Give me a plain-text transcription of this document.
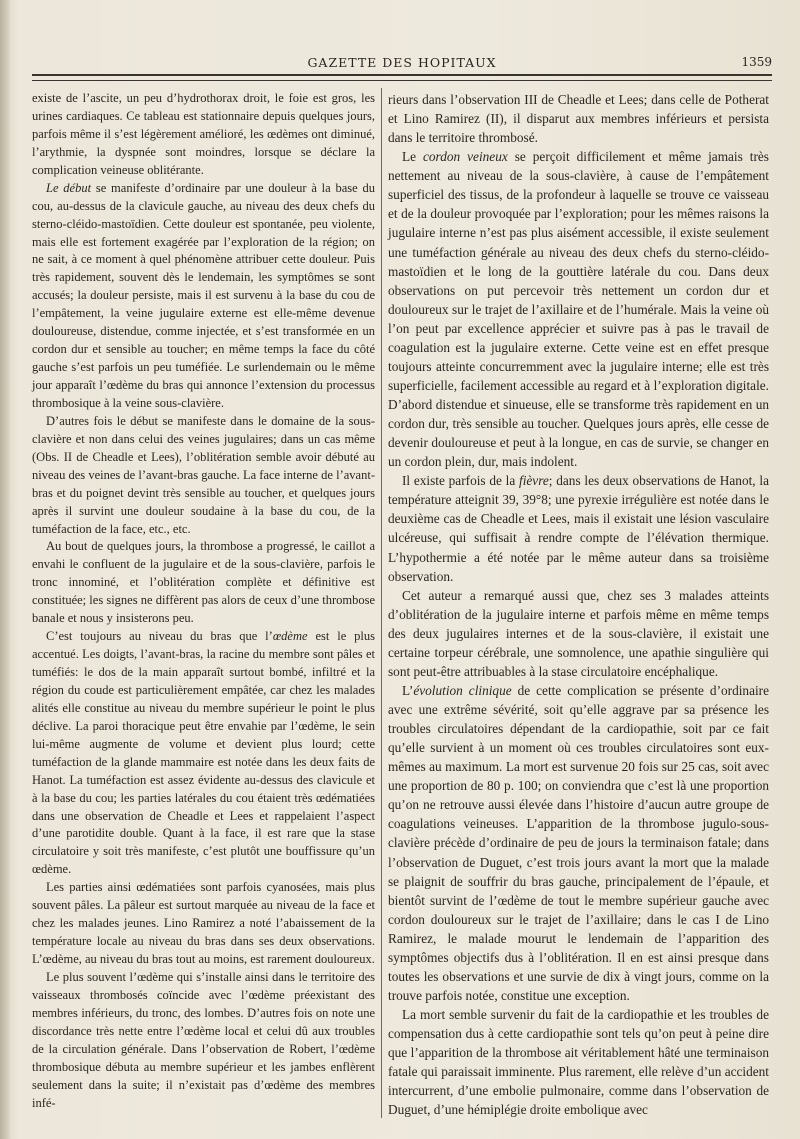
GAZETTE DES HOPITAUX	1359

existe de l’ascite, un peu d’hydrothorax droit, le foie est gros, les urines cardiaques. Ce tableau est stationnaire depuis quelques jours, parfois même il s’est légèrement amélioré, les œdèmes ont diminué, l’arythmie, la dyspnée sont moindres, lorsque se déclare la complication veineuse oblitérante.

Le début se manifeste d’ordinaire par une douleur à la base du cou, au-dessus de la clavicule gauche, au niveau des deux chefs du sterno-cléido-mastoïdien. Cette douleur est spontanée, peu violente, mais elle est fortement exagérée par l’exploration de la région; on ne sait, à ce moment à quel phénomène attribuer cette douleur. Puis très rapidement, souvent dès le lendemain, les symptômes se sont accusés; la douleur persiste, mais il est survenu à la base du cou de l’empâtement, la veine jugulaire externe est elle-même devenue douloureuse, distendue, comme injectée, et s’est transformée en un cordon dur et sensible au toucher; en même temps la face du côté gauche s’est parfois un peu tuméfiée. Le surlendemain ou le même jour apparaît l’œdème du bras qui annonce l’extension du processus thrombosique à la veine sous-clavière.

D’autres fois le début se manifeste dans le domaine de la sous-clavière et non dans celui des veines jugulaires; dans un cas même (Obs. II de Cheadle et Lees), l’oblitération semble avoir débuté au niveau des veines de l’avant-bras gauche. La face interne de l’avant-bras et du poignet devint très sensible au toucher, et quelques jours après il survint une douleur soudaine à la base du cou, de la tuméfaction de la face, etc., etc.

Au bout de quelques jours, la thrombose a progressé, le caillot a envahi le confluent de la jugulaire et de la sous-clavière, parfois le tronc innominé, et l’oblitération complète et définitive est constituée; les signes ne diffèrent pas alors de ceux d’une thrombose banale et nous y insisterons peu.

C’est toujours au niveau du bras que l’œdème est le plus accentué. Les doigts, l’avant-bras, la racine du membre sont pâles et tuméfiés: le dos de la main apparaît surtout bombé, infiltré et la région du coude est particulièrement empâtée, car chez les malades alités elle constitue au niveau du membre supérieur le point le plus déclive. La paroi thoracique peut être envahie par l’œdème, le sein lui-même augmente de volume et devient plus lourd; cette tuméfaction de la glande mammaire est notée dans les deux faits de Hanot. La tuméfaction est assez évidente au-dessus des clavicule et à la base du cou; les parties latérales du cou étaient très œdématiées dans une observation de Cheadle et Lees et rappelaient l’aspect d’une parotidite double. Quant à la face, il est rare que la stase circulatoire y soit très manifeste, c’est plutôt une bouffissure qu’un œdème.

Les parties ainsi œdématiées sont parfois cyanosées, mais plus souvent pâles. La pâleur est surtout marquée au niveau de la face et chez les malades jeunes. Lino Ramirez a noté l’abaissement de la température locale au niveau du bras dans ses deux observations. L’œdème, au niveau du bras tout au moins, est rarement douloureux.

Le plus souvent l’œdème qui s’installe ainsi dans le territoire des vaisseaux thrombosés coïncide avec l’œdème préexistant des membres inférieurs, du tronc, des lombes. D’autres fois on note une discordance très nette entre l’œdème local et celui dû aux troubles de la circulation générale. Dans l’observation de Robert, l’œdème thrombosique débuta au membre supérieur et les jambes enflèrent seulement dans la suite; il n’existait pas d’œdème des membres infé-

rieurs dans l’observation III de Cheadle et Lees; dans celle de Potherat et Lino Ramirez (II), il disparut aux membres inférieurs et persista dans le territoire thrombosé.

Le cordon veineux se perçoit difficilement et même jamais très nettement au niveau de la sous-clavière, à cause de l’empâtement superficiel des tissus, de la profondeur à laquelle se trouve ce vaisseau et de la douleur provoquée par l’exploration; pour les mêmes raisons la jugulaire interne n’est pas plus aisément accessible, il existe seulement une tuméfaction générale au niveau des deux chefs du sterno-cléido-mastoïdien et le long de la gouttière latérale du cou. Dans deux observations on put percevoir très nettement un cordon dur et douloureux sur le trajet de l’axillaire et de l’humérale. Mais la veine où l’on peut par excellence apprécier et suivre pas à pas le travail de coagulation est la jugulaire externe. Cette veine est en effet presque toujours atteinte concurremment avec la jugulaire interne; elle est très superficielle, facilement accessible au regard et à l’exploration digitale. D’abord distendue et sinueuse, elle se transforme très rapidement en un cordon dur, très sensible au toucher. Quelques jours après, elle cesse de devenir douloureuse et peut à la longue, en cas de survie, se changer en un cordon plein, dur, mais indolent.

Il existe parfois de la fièvre; dans les deux observations de Hanot, la température atteignit 39, 39°8; une pyrexie irrégulière est notée dans le deuxième cas de Cheadle et Lees, mais il existait une lésion vasculaire ulcéreuse, qui suffisait à rendre compte de l’élévation thermique. L’hypothermie a été notée par le même auteur dans sa troisième observation.

Cet auteur a remarqué aussi que, chez ses 3 malades atteints d’oblitération de la jugulaire interne et parfois même en même temps des deux jugulaires internes et de la sous-clavière, il existait une certaine torpeur cérébrale, une somnolence, une apathie singulière qui sont peut-être attribuables à la stase circulatoire encéphalique.

L’évolution clinique de cette complication se présente d’ordinaire avec une extrême sévérité, soit qu’elle aggrave par sa présence les troubles circulatoires dépendant de la cardiopathie, soit par ce fait qu’elle survient à un moment où ces troubles circulatoires sont eux-mêmes au maximum. La mort est survenue 20 fois sur 25 cas, soit avec une proportion de 80 p. 100; on conviendra que c’est là une proportion qu’on ne retrouve aussi élevée dans l’histoire d’aucun autre groupe de coagulations veineuses. L’apparition de la thrombose jugulo-sous-clavière précède d’ordinaire de peu de jours la terminaison fatale; dans l’observation de Duguet, c’est trois jours avant la mort que la malade se plaignit de souffrir du bras gauche, principalement de l’épaule, et bientôt survint de l’œdème de tout le membre supérieur gauche avec cordon douloureux sur le trajet de l’axillaire; dans le cas I de Lino Ramirez, le malade mourut le lendemain de l’apparition des symptômes objectifs dus à l’oblitération. Il en est ainsi presque dans toutes les observations et une survie de dix à vingt jours, comme on la trouve parfois notée, constitue une exception.

La mort semble survenir du fait de la cardiopathie et les troubles de compensation dus à cette cardiopathie sont tels qu’on peut à peine dire que l’apparition de la thrombose ait véritablement hâté une terminaison fatale qui paraissait imminente. Plus rarement, elle relève d’un accident intercurrent, d’une embolie pulmonaire, comme dans l’observation de Duguet, d’une hémiplégie droite embolique avec
